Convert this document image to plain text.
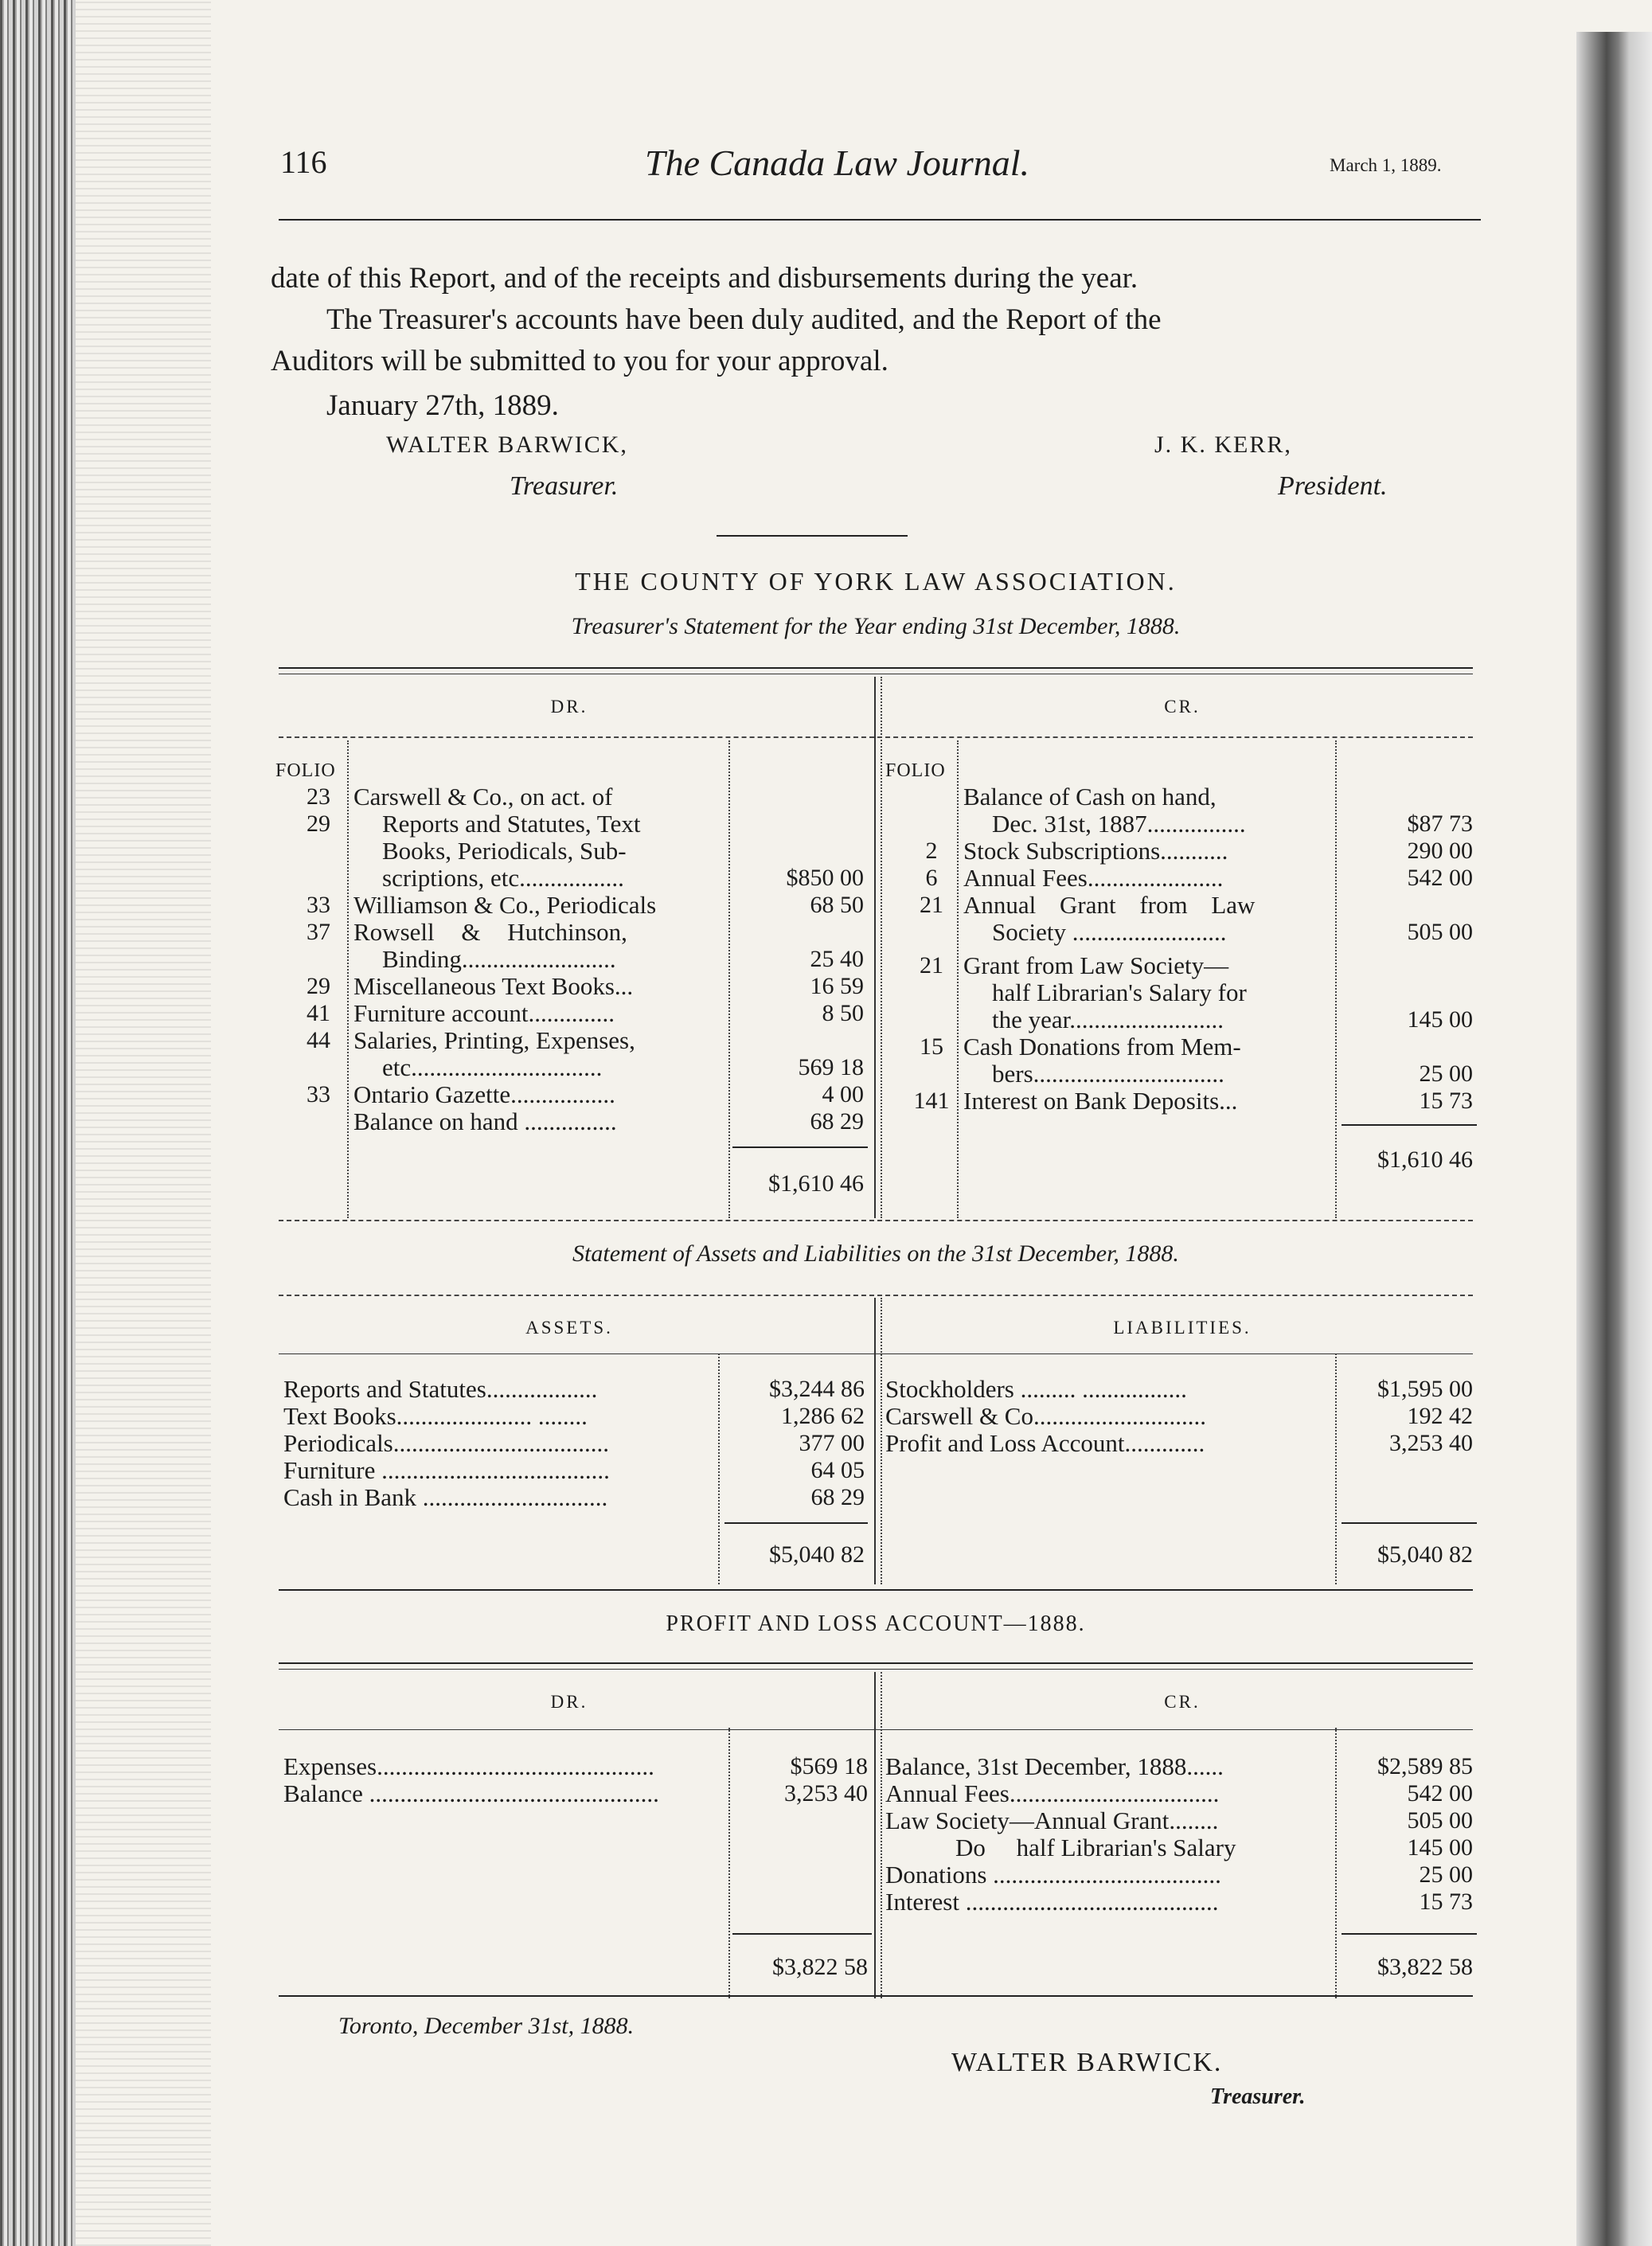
116	The Canada Law Journal.	March 1, 1889.
date of this Report, and of the receipts and disbursements during the year.
The Treasurer's accounts have been duly audited, and the Report of the
Auditors will be submitted to you for your approval.
January 27th, 1889.
WALTER BARWICK,
Treasurer.
J. K. KERR,
President.
THE COUNTY OF YORK LAW ASSOCIATION.
Treasurer's Statement for the Year ending 31st December, 1888.
DR.	CR.
FOLIO	FOLIO
23 Carswell & Co., on act. of
29	Reports and Statutes, Text
Books, Periodicals, Sub-
scriptions, etc.................	$850 00
33 Williamson & Co., Periodicals	68 50
37 Rowsell & Hutchinson,
Binding.........................	25 40
29 Miscellaneous Text Books...	16 59
41 Furniture account..............	8 50
44 Salaries, Printing, Expenses,
etc...............................	569 18
33 Ontario Gazette.................	4 00
Balance on hand ...............	68 29
$1,610 46
Balance of Cash on hand,
Dec. 31st, 1887................	$87 73
2	Stock Subscriptions...........	290 00
6	Annual Fees......................	542 00
21 Annual Grant from Law
Society .........................	505 00
21 Grant from Law Society—
half Librarian's Salary for
the year.........................	145 00
15 Cash Donations from Mem-
bers...............................	25 00
141 Interest on Bank Deposits...	15 73
$1,610 46
Statement of Assets and Liabilities on the 31st December, 1888.
ASSETS.	LIABILITIES.
Reports and Statutes..................	$3,244 86
Text Books...................... ........	1,286 62
Periodicals...................................	377 00
Furniture .....................................	64 05
Cash in Bank ..............................	68 29
$5,040 82
Stockholders ......... .................	$1,595 00
Carswell & Co............................	192 42
Profit and Loss Account.............	3,253 40
$5,040 82
PROFIT AND LOSS ACCOUNT—1888.
DR.	CR.
Expenses.............................................	$569 18
Balance ...............................................	3,253 40
$3,822 58
Balance, 31st December, 1888......	$2,589 85
Annual Fees..................................	542 00
Law Society—Annual Grant........	505 00
Do     half Librarian's Salary	145 00
Donations .....................................	25 00
Interest .........................................	15 73
$3,822 58
Toronto, December 31st, 1888.
WALTER BARWICK.
Treasurer.
